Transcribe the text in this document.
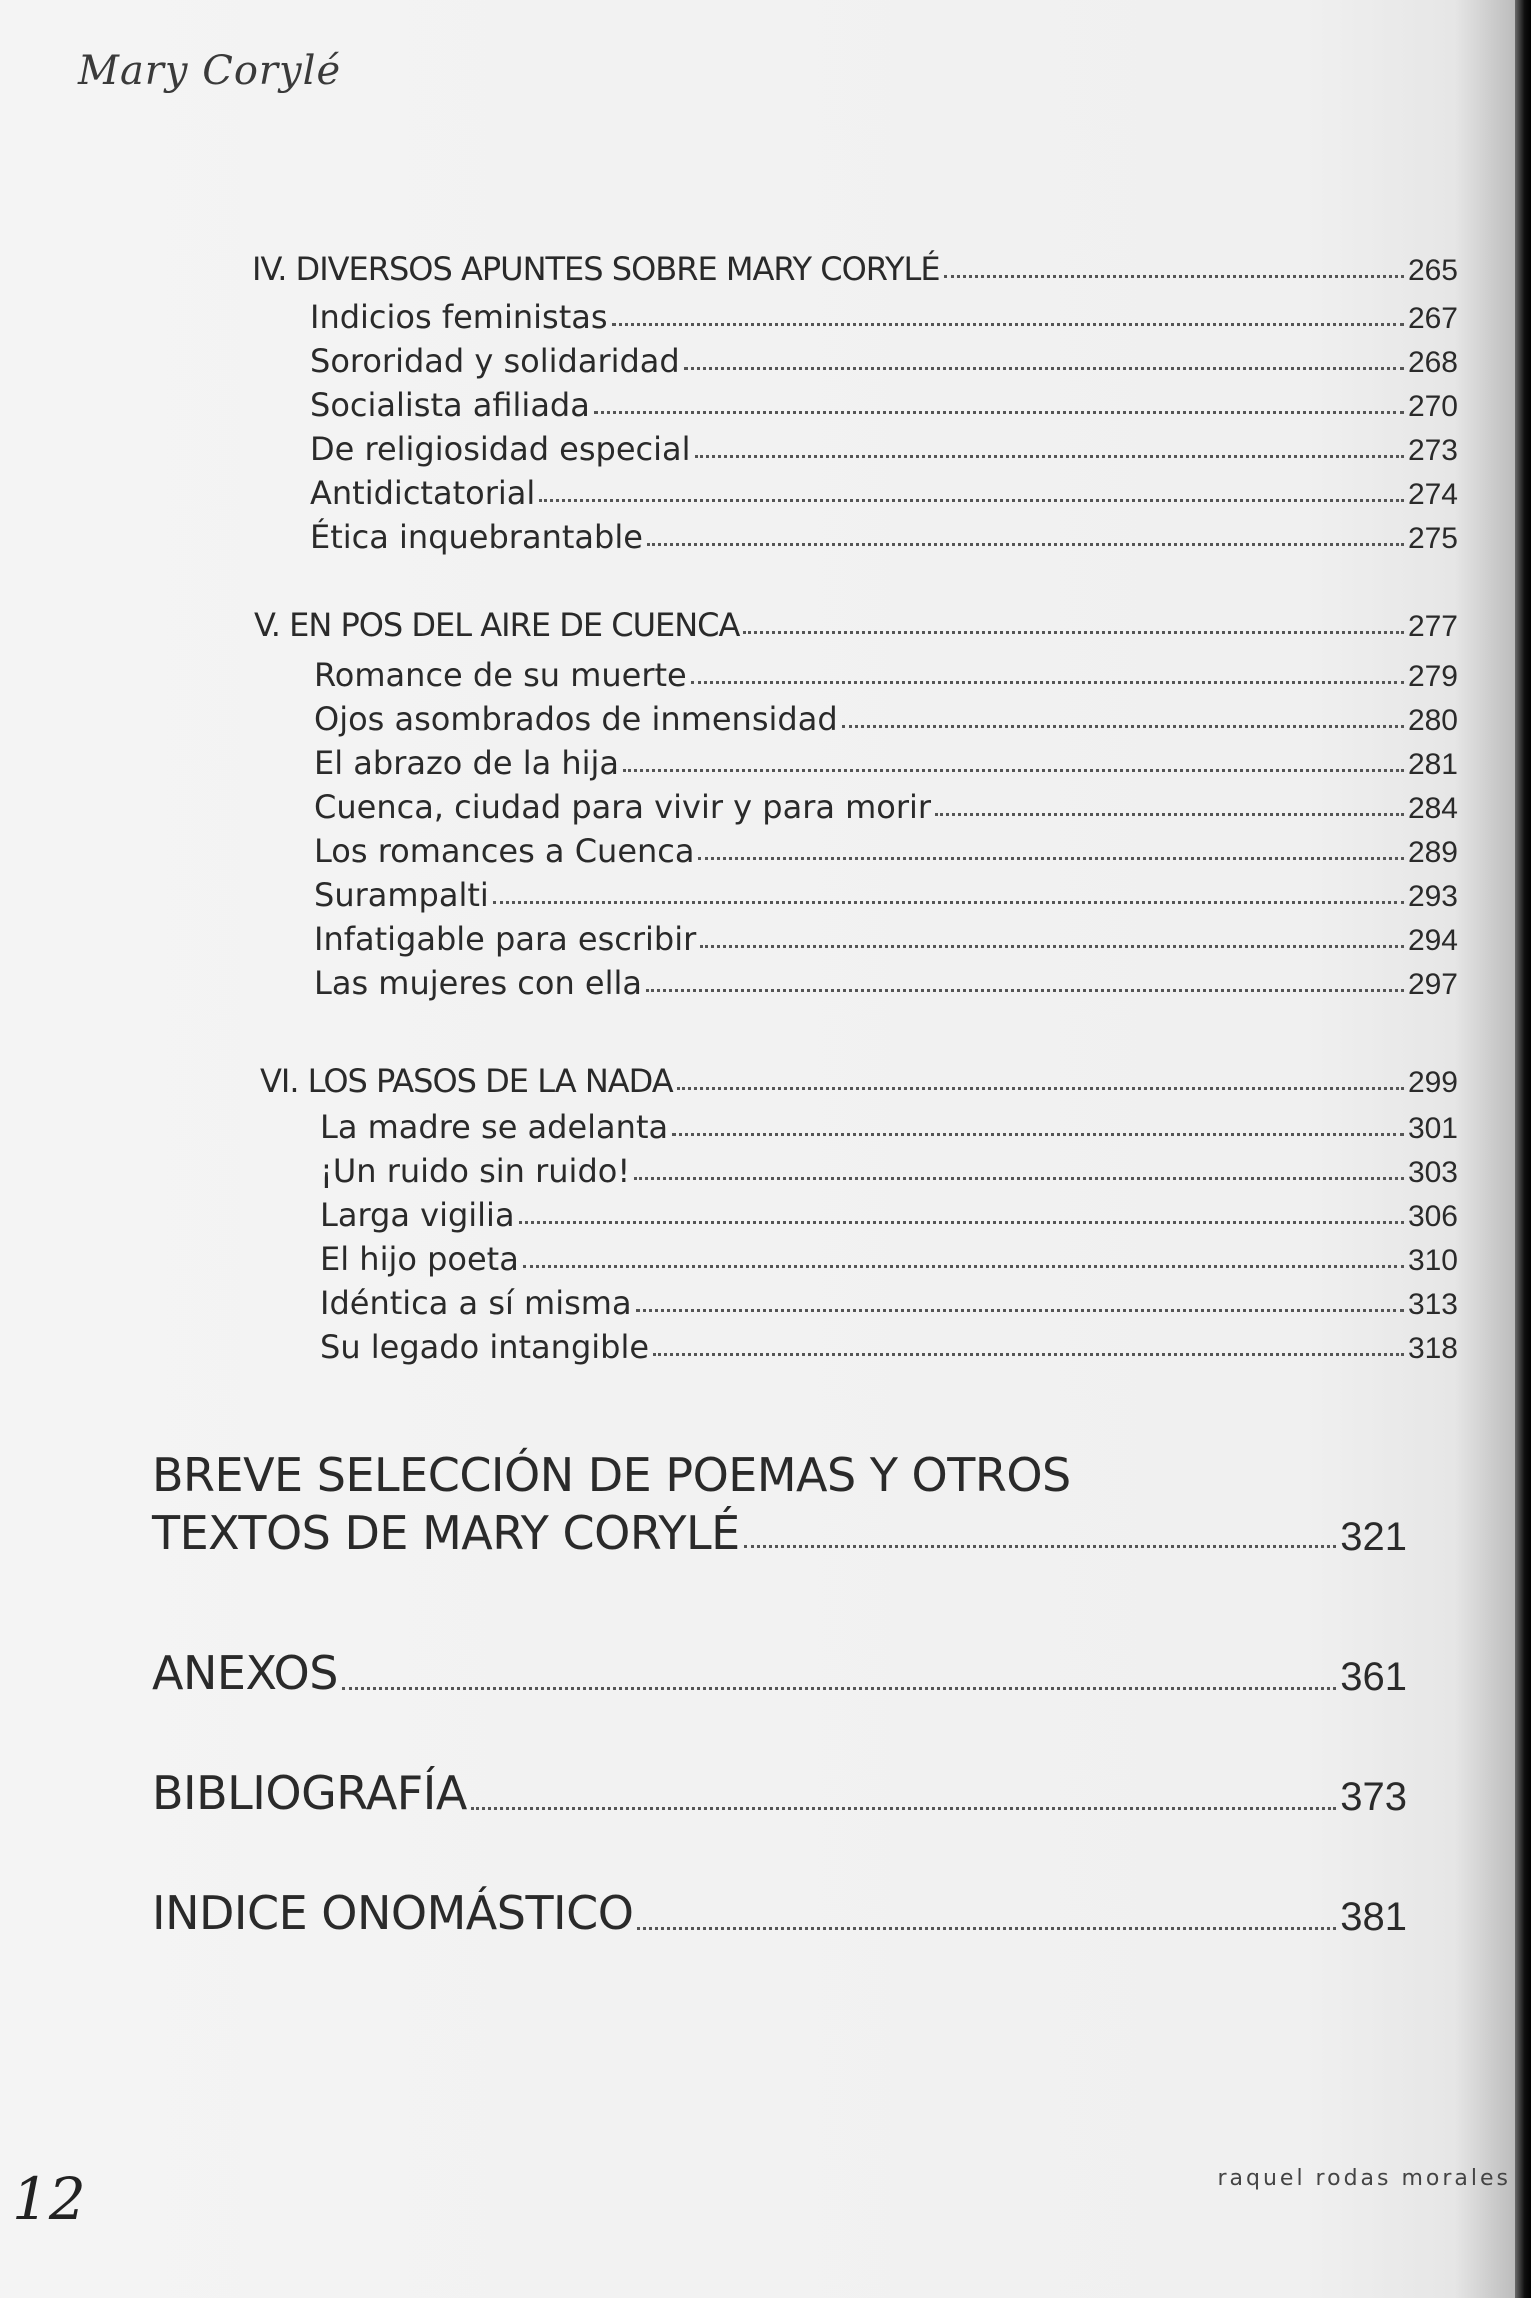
Mary Corylé
IV. DIVERSOS APUNTES SOBRE MARY CORYLÉ	265
Indicios feministas	267
Sororidad y solidaridad	268
Socialista afiliada	270
De religiosidad especial	273
Antidictatorial	274
Ética inquebrantable	275
V. EN POS DEL AIRE DE CUENCA	277
Romance de su muerte	279
Ojos asombrados de inmensidad	280
El abrazo de la hija	281
Cuenca, ciudad para vivir y para morir	284
Los romances a Cuenca	289
Surampalti	293
Infatigable para escribir	294
Las mujeres con ella	297
VI. LOS PASOS DE LA NADA	299
La madre se adelanta	301
¡Un ruido sin ruido!	303
Larga vigilia	306
El hijo poeta	310
Idéntica a sí misma	313
Su legado intangible	318
BREVE SELECCIÓN DE POEMAS Y OTROS
TEXTOS DE MARY CORYLÉ	321
ANEXOS	361
BIBLIOGRAFÍA	373
INDICE ONOMÁSTICO	381
12	raquel rodas morales
